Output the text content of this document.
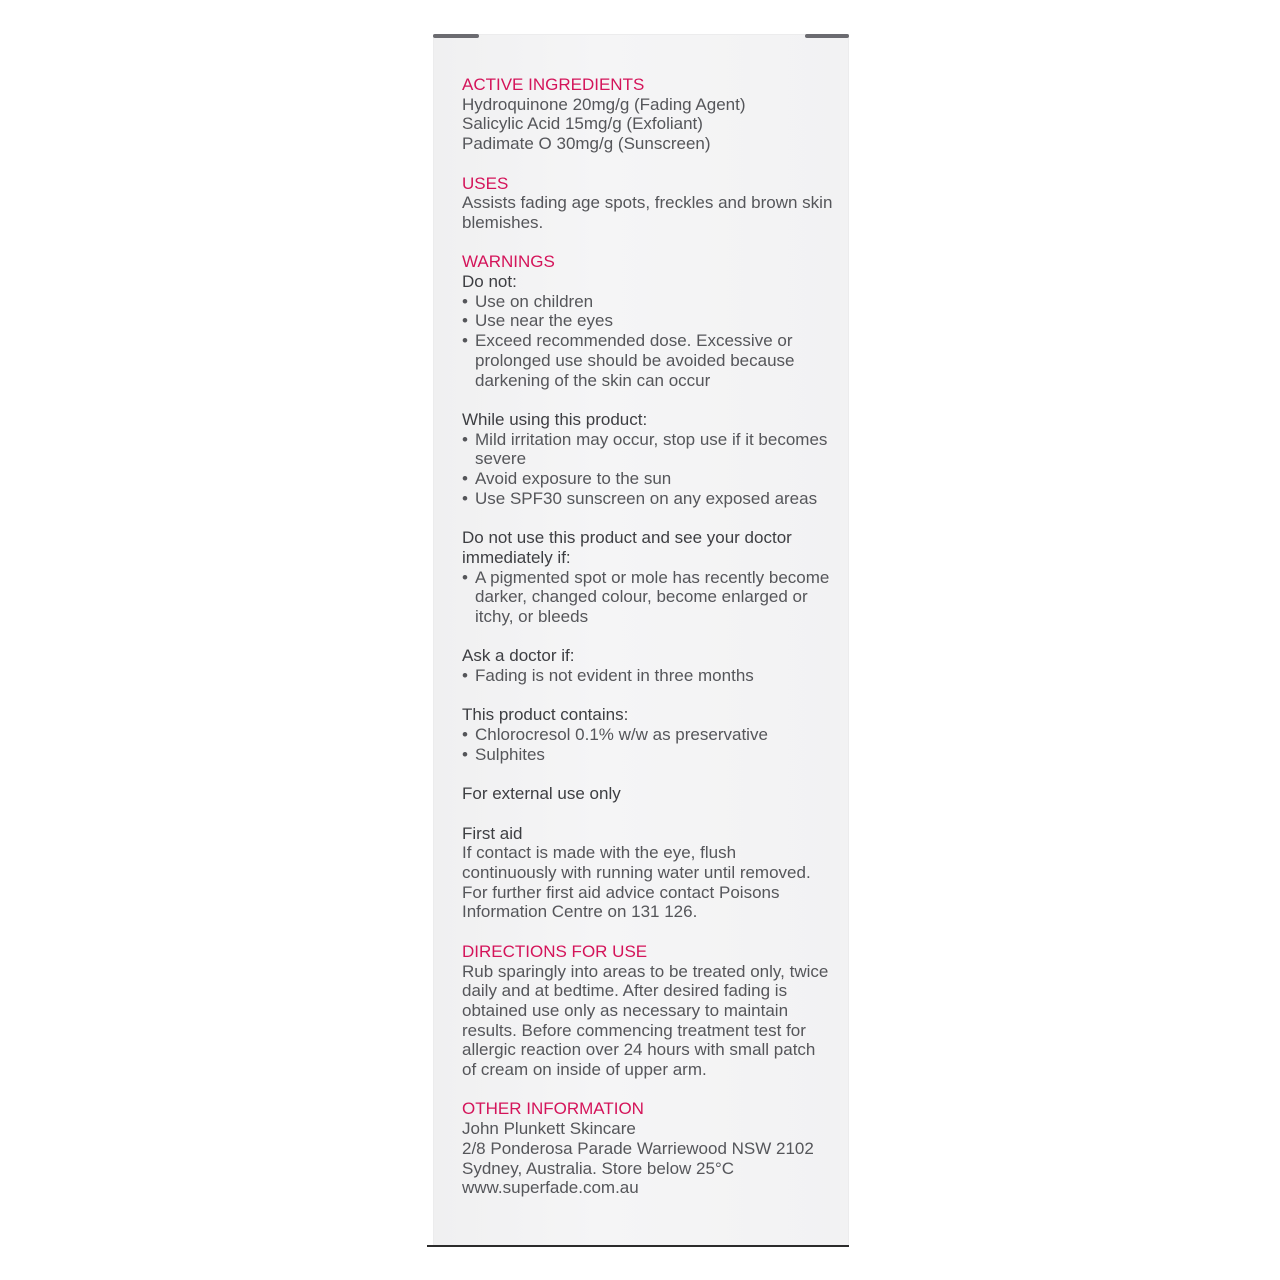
ACTIVE INGREDIENTS
Hydroquinone 20mg/g (Fading Agent)
Salicylic Acid 15mg/g (Exfoliant)
Padimate O 30mg/g (Sunscreen)
USES
Assists fading age spots, freckles and brown skin blemishes.
WARNINGS
Do not:
• Use on children
• Use near the eyes
• Exceed recommended dose. Excessive or prolonged use should be avoided because darkening of the skin can occur
While using this product:
• Mild irritation may occur, stop use if it becomes severe
• Avoid exposure to the sun
• Use SPF30 sunscreen on any exposed areas
Do not use this product and see your doctor immediately if:
• A pigmented spot or mole has recently become darker, changed colour, become enlarged or itchy, or bleeds
Ask a doctor if:
• Fading is not evident in three months
This product contains:
• Chlorocresol 0.1% w/w as preservative
• Sulphites
For external use only
First aid
If contact is made with the eye, flush continuously with running water until removed. For further first aid advice contact Poisons Information Centre on 131 126.
DIRECTIONS FOR USE
Rub sparingly into areas to be treated only, twice daily and at bedtime. After desired fading is obtained use only as necessary to maintain results. Before commencing treatment test for allergic reaction over 24 hours with small patch of cream on inside of upper arm.
OTHER INFORMATION
John Plunkett Skincare
2/8 Ponderosa Parade Warriewood NSW 2102
Sydney, Australia. Store below 25°C
www.superfade.com.au
